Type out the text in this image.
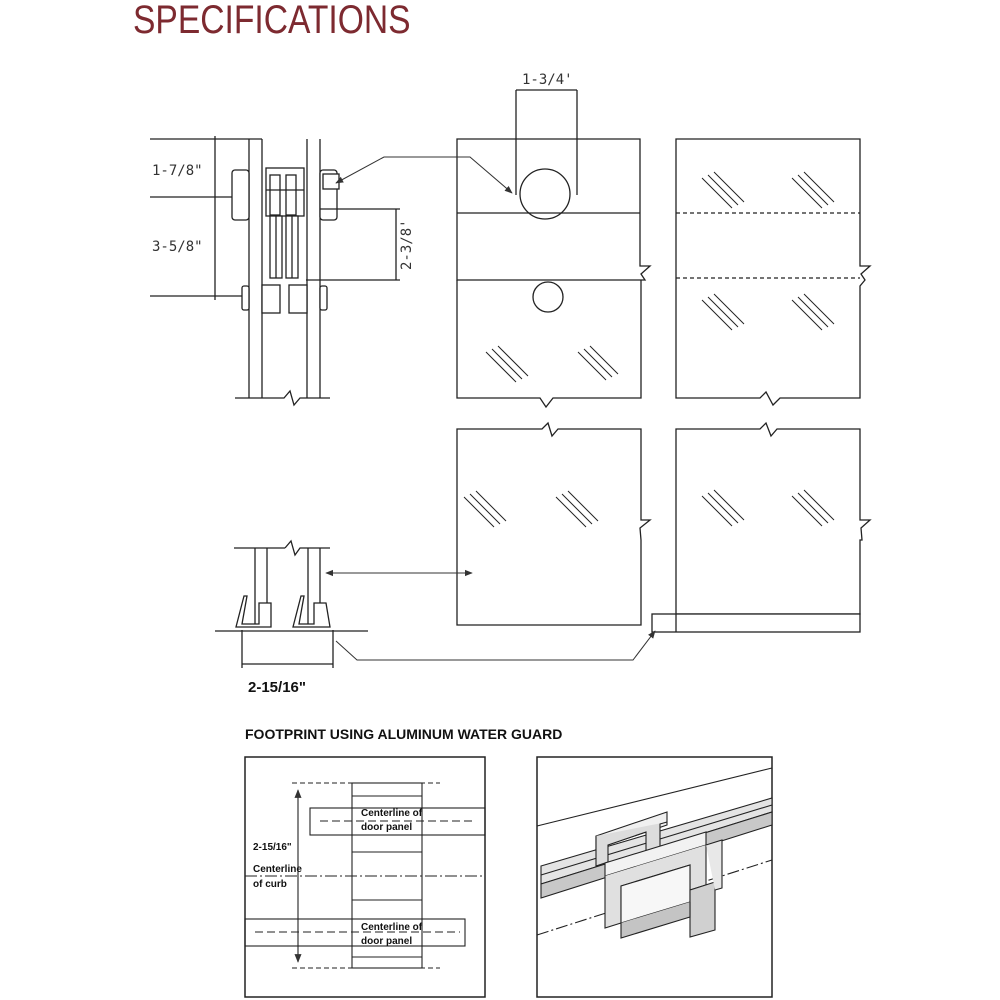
SPECIFICATIONS
1-7/8"
3-5/8"	2-3/8'
1-3/4'
2-15/16"
FOOTPRINT USING ALUMINUM WATER GUARD
Centerline of
door panel
2-15/16"
Centerline
of curb
Centerline of
door panel
